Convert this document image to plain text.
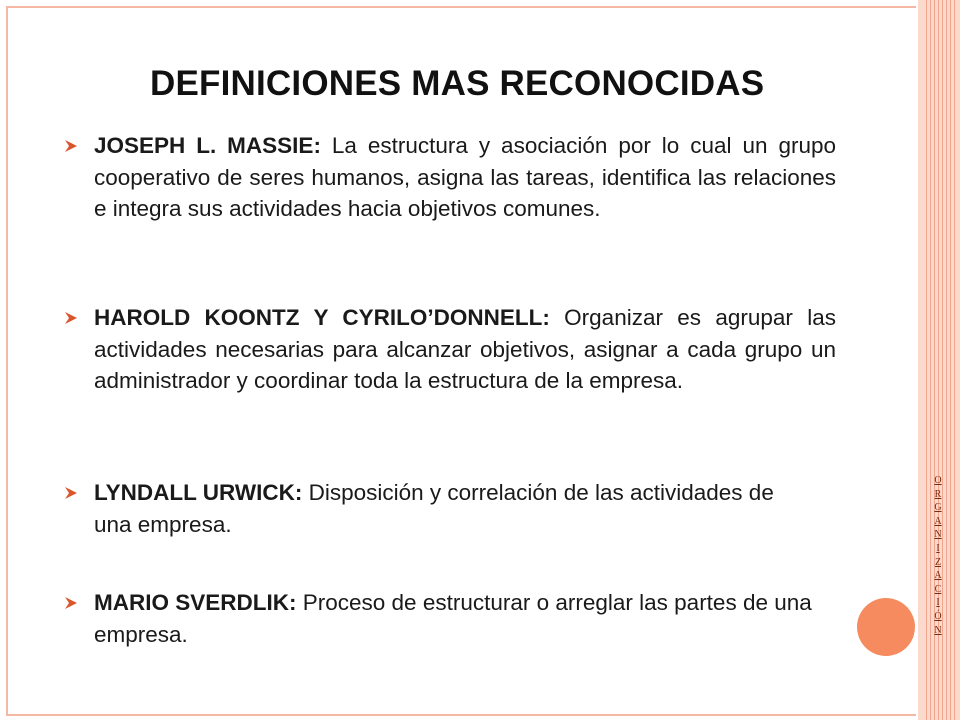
O
R
G
A
N
I
Z
A
C
I
Ó
N
DEFINICIONES MAS RECONOCIDAS
JOSEPH L. MASSIE: La estructura y asociación por lo cual un grupo cooperativo de seres humanos, asigna las tareas, identifica las relaciones e integra sus actividades hacia objetivos comunes.
HAROLD KOONTZ Y CYRILO’DONNELL: Organizar es agrupar las actividades necesarias para alcanzar objetivos, asignar a cada grupo un administrador y coordinar toda la estructura de la empresa.
LYNDALL URWICK: Disposición y correlación de las actividades de una empresa.
MARIO SVERDLIK: Proceso de estructurar o arreglar las partes de una empresa.
